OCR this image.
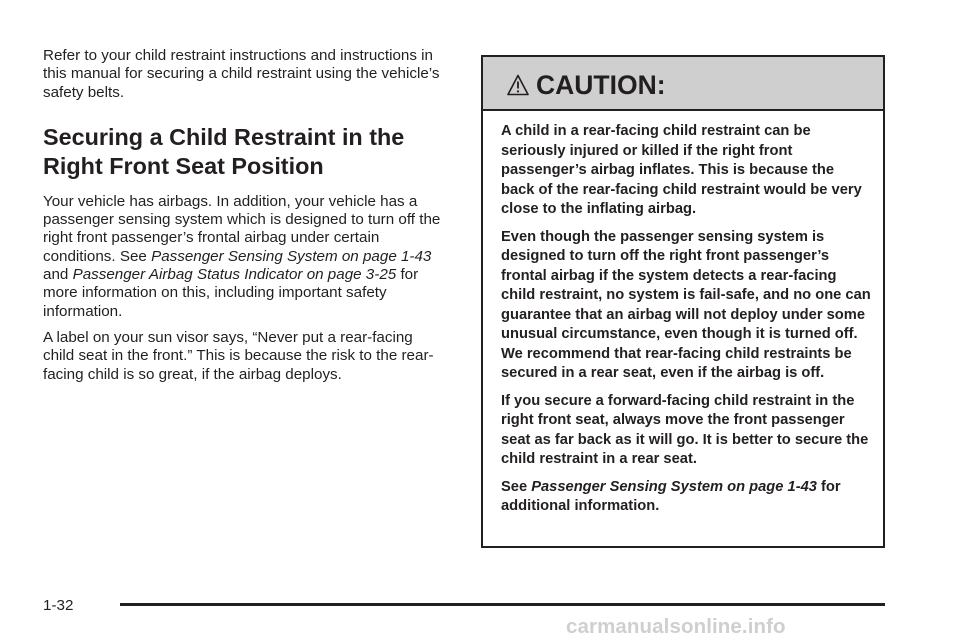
Refer to your child restraint instructions and instructions in this manual for securing a child restraint using the vehicle’s safety belts.

Securing a Child Restraint in the
Right Front Seat Position

Your vehicle has airbags. In addition, your vehicle has a passenger sensing system which is designed to turn off the right front passenger’s frontal airbag under certain conditions. See Passenger Sensing System on page 1-43 and Passenger Airbag Status Indicator on page 3-25 for more information on this, including important safety information.

A label on your sun visor says, “Never put a rear-facing child seat in the front.” This is because the risk to the rear-facing child is so great, if the airbag deploys.

CAUTION:

A child in a rear-facing child restraint can be seriously injured or killed if the right front passenger’s airbag inflates. This is because the back of the rear-facing child restraint would be very close to the inflating airbag.

Even though the passenger sensing system is designed to turn off the right front passenger’s frontal airbag if the system detects a rear-facing child restraint, no system is fail-safe, and no one can guarantee that an airbag will not deploy under some unusual circumstance, even though it is turned off. We recommend that rear-facing child restraints be secured in a rear seat, even if the airbag is off.

If you secure a forward-facing child restraint in the right front seat, always move the front passenger seat as far back as it will go. It is better to secure the child restraint in a rear seat.

See Passenger Sensing System on page 1-43 for additional information.

1-32
carmanualsonline.info
